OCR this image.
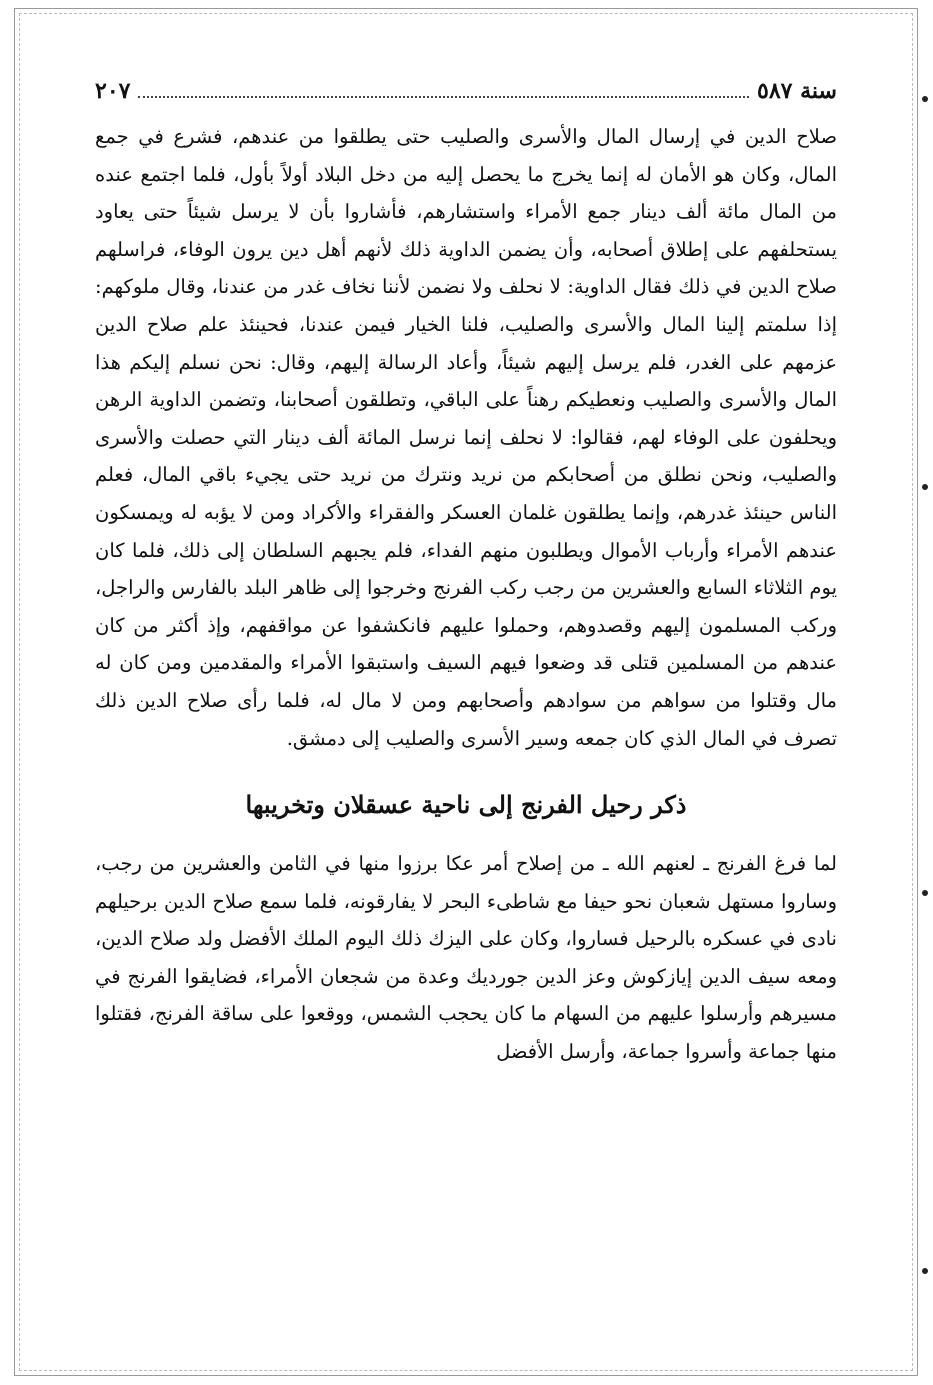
سنة ٥٨٧
٢٠٧

صلاح الدين في إرسال المال والأسرى والصليب حتى يطلقوا من عندهم، فشرع في جمع المال، وكان هو الأمان له إنما يخرج ما يحصل إليه من دخل البلاد أولاً بأول، فلما اجتمع عنده من المال مائة ألف دينار جمع الأمراء واستشارهم، فأشاروا بأن لا يرسل شيئاً حتى يعاود يستحلفهم على إطلاق أصحابه، وأن يضمن الداوية ذلك لأنهم أهل دين يرون الوفاء، فراسلهم صلاح الدين في ذلك فقال الداوية: لا نحلف ولا نضمن لأننا نخاف غدر من عندنا، وقال ملوكهم: إذا سلمتم إلينا المال والأسرى والصليب، فلنا الخيار فيمن عندنا، فحينئذ علم صلاح الدين عزمهم على الغدر، فلم يرسل إليهم شيئاً، وأعاد الرسالة إليهم، وقال: نحن نسلم إليكم هذا المال والأسرى والصليب ونعطيكم رهناً على الباقي، وتطلقون أصحابنا، وتضمن الداوية الرهن ويحلفون على الوفاء لهم، فقالوا: لا نحلف إنما نرسل المائة ألف دينار التي حصلت والأسرى والصليب، ونحن نطلق من أصحابكم من نريد ونترك من نريد حتى يجيء باقي المال، فعلم الناس حينئذ غدرهم، وإنما يطلقون غلمان العسكر والفقراء والأكراد ومن لا يؤبه له ويمسكون عندهم الأمراء وأرباب الأموال ويطلبون منهم الفداء، فلم يجبهم السلطان إلى ذلك، فلما كان يوم الثلاثاء السابع والعشرين من رجب ركب الفرنج وخرجوا إلى ظاهر البلد بالفارس والراجل، وركب المسلمون إليهم وقصدوهم، وحملوا عليهم فانكشفوا عن مواقفهم، وإذ أكثر من كان عندهم من المسلمين قتلى قد وضعوا فيهم السيف واستبقوا الأمراء والمقدمين ومن كان له مال وقتلوا من سواهم من سوادهم وأصحابهم ومن لا مال له، فلما رأى صلاح الدين ذلك تصرف في المال الذي كان جمعه وسير الأسرى والصليب إلى دمشق.

ذكر رحيل الفرنج إلى ناحية عسقلان وتخريبها

لما فرغ الفرنج ـ لعنهم الله ـ من إصلاح أمر عكا برزوا منها في الثامن والعشرين من رجب، وساروا مستهل شعبان نحو حيفا مع شاطىء البحر لا يفارقونه، فلما سمع صلاح الدين برحيلهم نادى في عسكره بالرحيل فساروا، وكان على اليزك ذلك اليوم الملك الأفضل ولد صلاح الدين، ومعه سيف الدين إيازكوش وعز الدين جورديك وعدة من شجعان الأمراء، فضايقوا الفرنج في مسيرهم وأرسلوا عليهم من السهام ما كان يحجب الشمس، ووقعوا على ساقة الفرنج، فقتلوا منها جماعة وأسروا جماعة، وأرسل الأفضل
